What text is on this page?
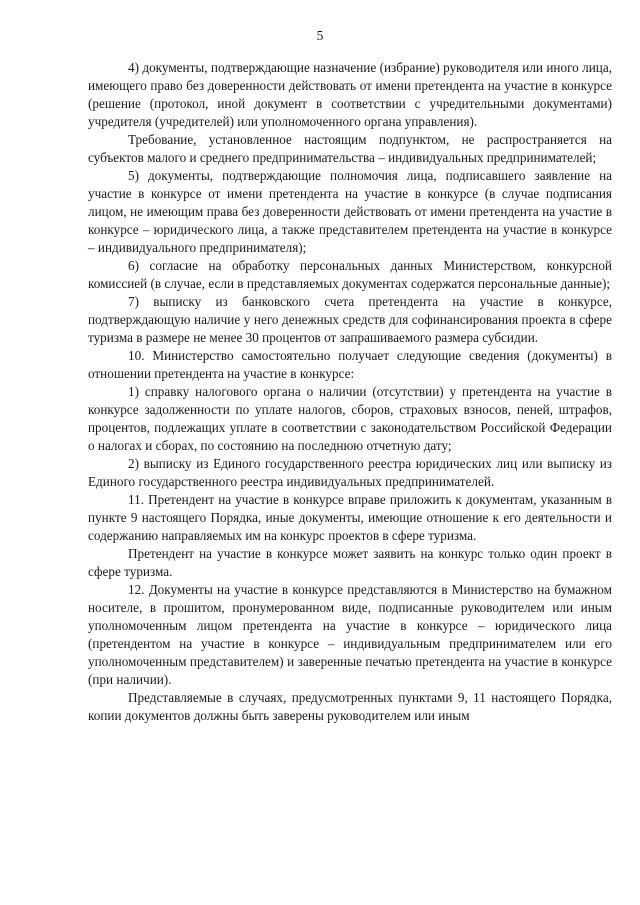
5

4) документы, подтверждающие назначение (избрание) руководителя или иного лица, имеющего право без доверенности действовать от имени претендента на участие в конкурсе (решение (протокол, иной документ в соответствии с учредительными документами) учредителя (учредителей) или уполномоченного органа управления).

Требование, установленное настоящим подпунктом, не распространяется на субъектов малого и среднего предпринимательства – индивидуальных предпринимателей;

5) документы, подтверждающие полномочия лица, подписавшего заявление на участие в конкурсе от имени претендента на участие в конкурсе (в случае подписания лицом, не имеющим права без доверенности действовать от имени претендента на участие в конкурсе – юридического лица, а также представителем претендента на участие в конкурсе – индивидуального предпринимателя);

6) согласие на обработку персональных данных Министерством, конкурсной комиссией (в случае, если в представляемых документах содержатся персональные данные);

7) выписку из банковского счета претендента на участие в конкурсе, подтверждающую наличие у него денежных средств для софинансирования проекта в сфере туризма в размере не менее 30 процентов от запрашиваемого размера субсидии.

10. Министерство самостоятельно получает следующие сведения (документы) в отношении претендента на участие в конкурсе:

1) справку налогового органа о наличии (отсутствии) у претендента на участие в конкурсе задолженности по уплате налогов, сборов, страховых взносов, пеней, штрафов, процентов, подлежащих уплате в соответствии с законодательством Российской Федерации о налогах и сборах, по состоянию на последнюю отчетную дату;

2) выписку из Единого государственного реестра юридических лиц или выписку из Единого государственного реестра индивидуальных предпринимателей.

11. Претендент на участие в конкурсе вправе приложить к документам, указанным в пункте 9 настоящего Порядка, иные документы, имеющие отношение к его деятельности и содержанию направляемых им на конкурс проектов в сфере туризма.

Претендент на участие в конкурсе может заявить на конкурс только один проект в сфере туризма.

12. Документы на участие в конкурсе представляются в Министерство на бумажном носителе, в прошитом, пронумерованном виде, подписанные руководителем или иным уполномоченным лицом претендента на участие в конкурсе – юридического лица (претендентом на участие в конкурсе – индивидуальным предпринимателем или его уполномоченным представителем) и заверенные печатью претендента на участие в конкурсе (при наличии).

Представляемые в случаях, предусмотренных пунктами 9, 11 настоящего Порядка, копии документов должны быть заверены руководителем или иным
